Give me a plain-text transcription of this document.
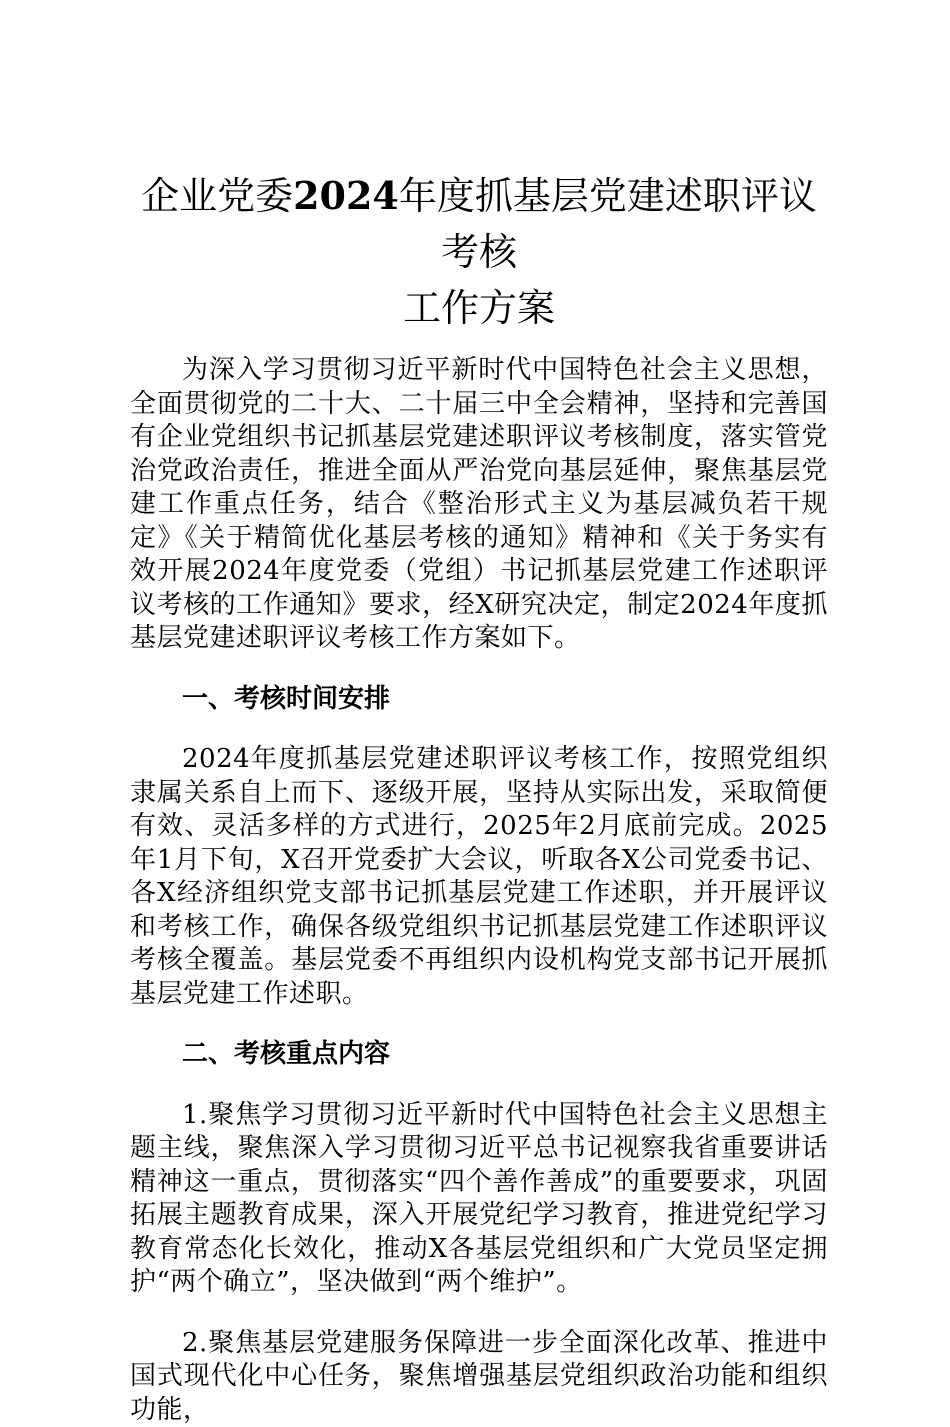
企业党委2024年度抓基层党建述职评议考核
工作方案

为深入学习贯彻习近平新时代中国特色社会主义思想，全面贯彻党的二十大、二十届三中全会精神，坚持和完善国有企业党组织书记抓基层党建述职评议考核制度，落实管党治党政治责任，推进全面从严治党向基层延伸，聚焦基层党建工作重点任务，结合《整治形式主义为基层减负若干规定》《关于精简优化基层考核的通知》精神和《关于务实有效开展2024年度党委（党组）书记抓基层党建工作述职评议考核的工作通知》要求，经X研究决定，制定2024年度抓基层党建述职评议考核工作方案如下。

一、考核时间安排

2024年度抓基层党建述职评议考核工作，按照党组织隶属关系自上而下、逐级开展，坚持从实际出发，采取简便有效、灵活多样的方式进行，2025年2月底前完成。2025年1月下旬，X召开党委扩大会议，听取各X公司党委书记、各X经济组织党支部书记抓基层党建工作述职，并开展评议和考核工作，确保各级党组织书记抓基层党建工作述职评议考核全覆盖。基层党委不再组织内设机构党支部书记开展抓基层党建工作述职。

二、考核重点内容

1.聚焦学习贯彻习近平新时代中国特色社会主义思想主题主线，聚焦深入学习贯彻习近平总书记视察我省重要讲话精神这一重点，贯彻落实“四个善作善成”的重要要求，巩固拓展主题教育成果，深入开展党纪学习教育，推进党纪学习教育常态化长效化，推动X各基层党组织和广大党员坚定拥护“两个确立”，坚决做到“两个维护”。

2.聚焦基层党建服务保障进一步全面深化改革、推进中国式现代化中心任务，聚焦增强基层党组织政治功能和组织功能，
